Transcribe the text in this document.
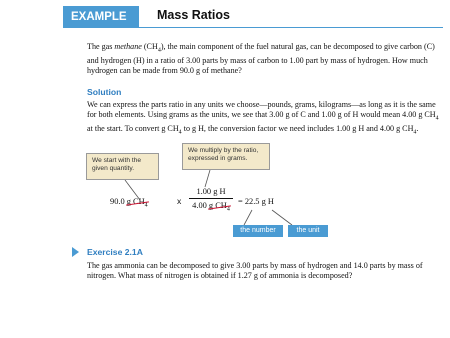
EXAMPLE 2.1
Mass Ratios
The gas methane $(CH_4)$, the main component of the fuel natural gas, can be decomposed to give carbon (C) and hydrogen (H) in a ratio of 3.00 parts by mass of carbon to 1.00 part by mass of hydrogen. How much hydrogen can be made from 90.0 g of methane?
Solution
We can express the parts ratio in any units we choose—pounds, grams, kilograms—as long as it is the same for both elements. Using grams as the units, we see that 3.00 g of C and 1.00 g of H would mean 4.00 g $CH_4$ at the start. To convert g $CH_4$ to g H, the conversion factor we need includes 1.00 g H and 4.00 g $CH_4$.
We start with the given quantity.
We multiply by the ratio, expressed in grams.
90.0 g $CH_4$	x
1.00 g H
4.00 g $CH_4$
= 22.5 g H
the number	the unit
Exercise 2.1A
The gas ammonia can be decomposed to give 3.00 parts by mass of hydrogen and 14.0 parts by mass of nitrogen. What mass of nitrogen is obtained if 1.27 g of ammonia is decomposed?
